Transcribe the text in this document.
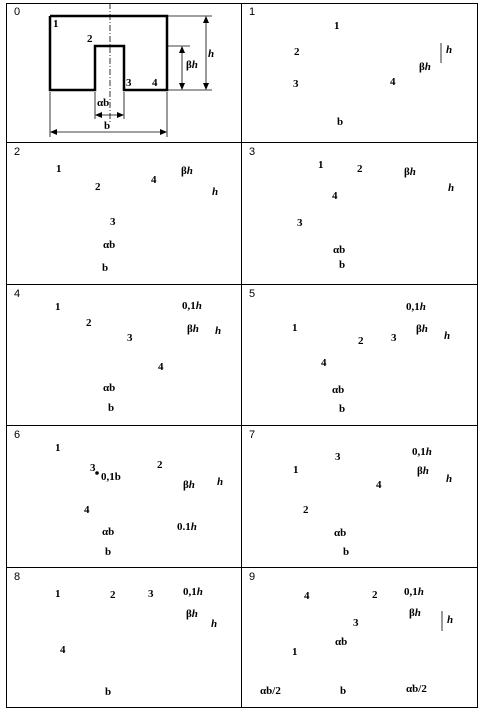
0
1
2
3 4
βh
h
αb
b
1
1
2
3	4
βh
h
b
2
1
2
4
βh
h
3
αb
b
3
1	2	βh
4
h
3
αb
b
4
1	0,1h
2	βh h
3
4
αb
b
5
0,1h
1	βh
h
2	3
4
αb
b
6
1
3
0,1b
2
βh h
4
0.1h
αb
b
7
0,1h
3
1	βh
h
4
2
αb
b
8
1	2	3	0,1h
βh
h
4
b
9
4	2 0,1h
βh
h
3
αb
1
αb/2	b	αb/2
